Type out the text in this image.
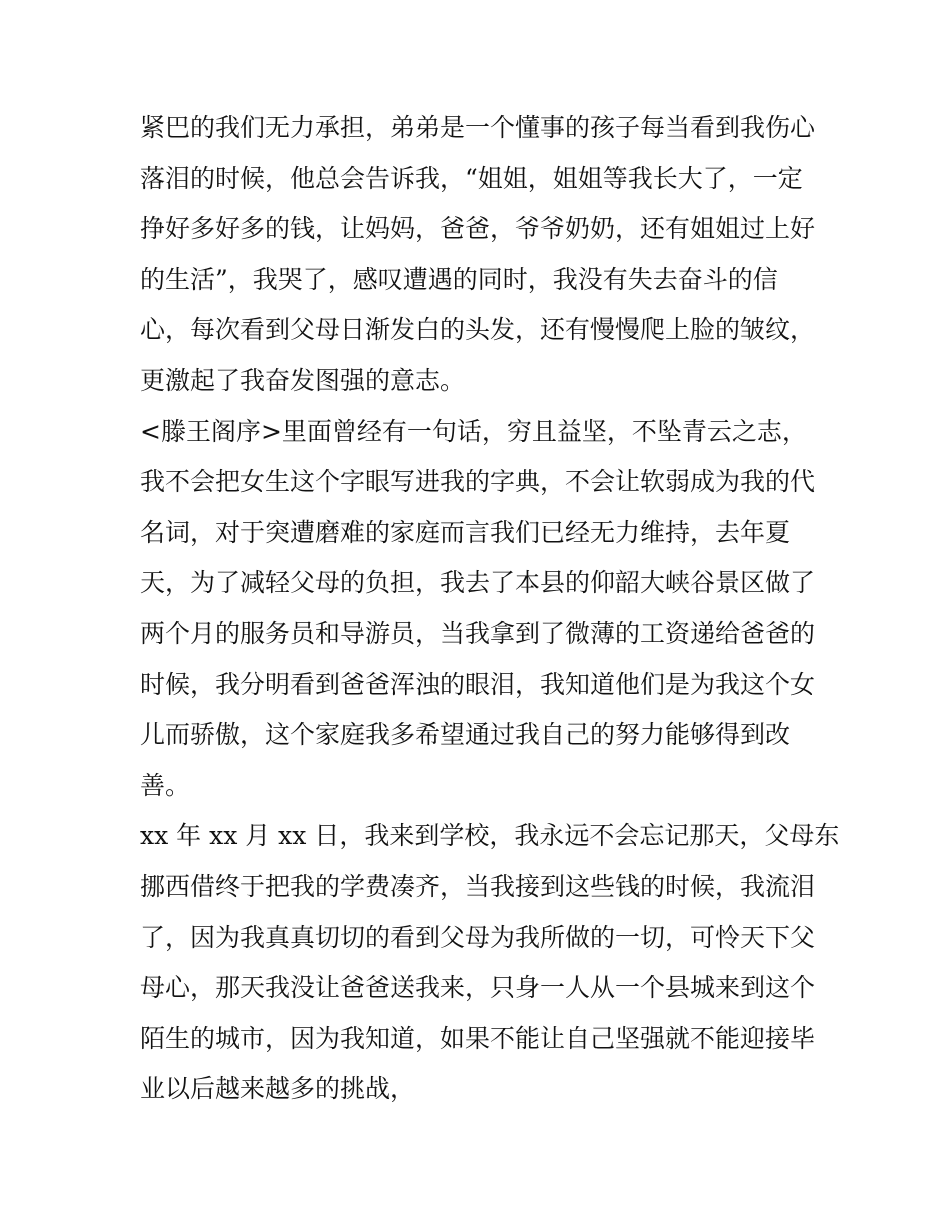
紧巴的我们无力承担，弟弟是一个懂事的孩子每当看到我伤心
落泪的时候，他总会告诉我，“姐姐，姐姐等我长大了，一定
挣好多好多的钱，让妈妈，爸爸，爷爷奶奶，还有姐姐过上好
的生活”，我哭了，感叹遭遇的同时，我没有失去奋斗的信
心，每次看到父母日渐发白的头发，还有慢慢爬上脸的皱纹，
更激起了我奋发图强的意志。
<滕王阁序>里面曾经有一句话，穷且益坚，不坠青云之志，
我不会把女生这个字眼写进我的字典，不会让软弱成为我的代
名词，对于突遭磨难的家庭而言我们已经无力维持，去年夏
天，为了减轻父母的负担，我去了本县的仰韶大峡谷景区做了
两个月的服务员和导游员，当我拿到了微薄的工资递给爸爸的
时候，我分明看到爸爸浑浊的眼泪，我知道他们是为我这个女
儿而骄傲，这个家庭我多希望通过我自己的努力能够得到改
善。
xx 年 xx 月 xx 日，我来到学校，我永远不会忘记那天，父母东
挪西借终于把我的学费凑齐，当我接到这些钱的时候，我流泪
了，因为我真真切切的看到父母为我所做的一切，可怜天下父
母心，那天我没让爸爸送我来，只身一人从一个县城来到这个
陌生的城市，因为我知道，如果不能让自己坚强就不能迎接毕
业以后越来越多的挑战，
